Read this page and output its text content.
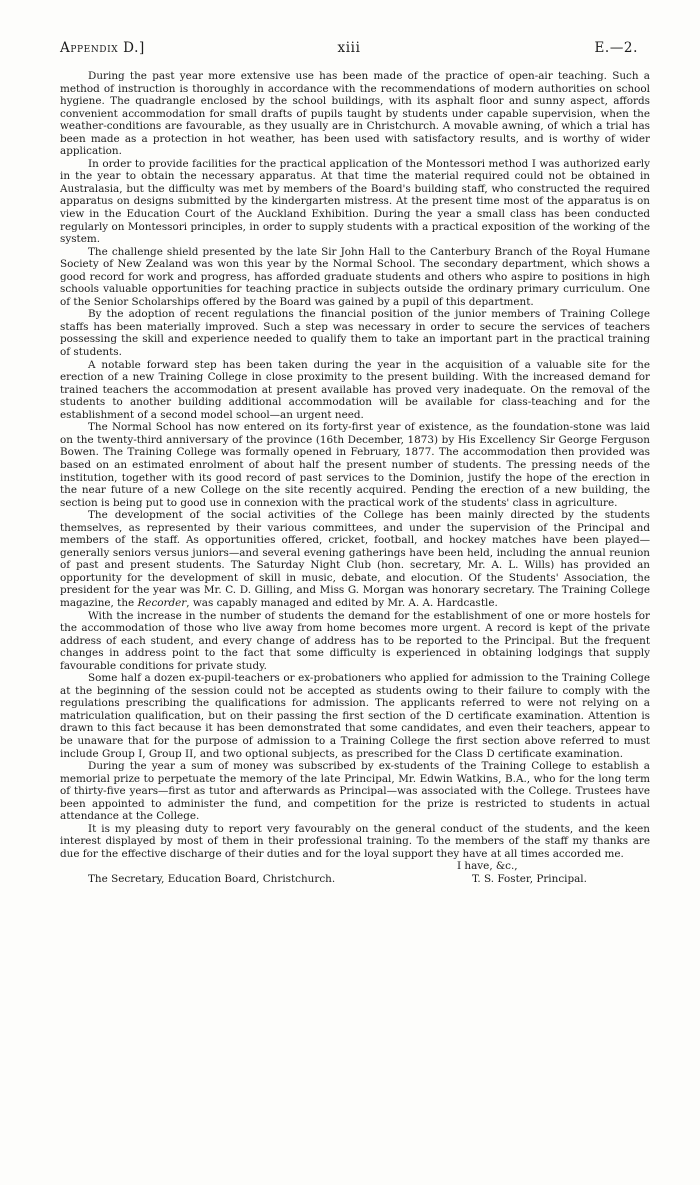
Appendix D.]	xiii	E.—2.

During the past year more extensive use has been made of the practice of open-air teaching. Such a method of instruction is thoroughly in accordance with the recommendations of modern authorities on school hygiene. The quadrangle enclosed by the school buildings, with its asphalt floor and sunny aspect, affords convenient accommodation for small drafts of pupils taught by students under capable supervision, when the weather-conditions are favourable, as they usually are in Christchurch. A movable awning, of which a trial has been made as a protection in hot weather, has been used with satisfactory results, and is worthy of wider application.

In order to provide facilities for the practical application of the Montessori method I was authorized early in the year to obtain the necessary apparatus. At that time the material required could not be obtained in Australasia, but the difficulty was met by members of the Board's building staff, who constructed the required apparatus on designs submitted by the kindergarten mistress. At the present time most of the apparatus is on view in the Education Court of the Auckland Exhibition. During the year a small class has been conducted regularly on Montessori principles, in order to supply students with a practical exposition of the working of the system.

The challenge shield presented by the late Sir John Hall to the Canterbury Branch of the Royal Humane Society of New Zealand was won this year by the Normal School. The secondary department, which shows a good record for work and progress, has afforded graduate students and others who aspire to positions in high schools valuable opportunities for teaching practice in subjects outside the ordinary primary curriculum. One of the Senior Scholarships offered by the Board was gained by a pupil of this department.

By the adoption of recent regulations the financial position of the junior members of Training College staffs has been materially improved. Such a step was necessary in order to secure the services of teachers possessing the skill and experience needed to qualify them to take an important part in the practical training of students.

A notable forward step has been taken during the year in the acquisition of a valuable site for the erection of a new Training College in close proximity to the present building. With the increased demand for trained teachers the accommodation at present available has proved very inadequate. On the removal of the students to another building additional accommodation will be available for class-teaching and for the establishment of a second model school—an urgent need.

The Normal School has now entered on its forty-first year of existence, as the foundation-stone was laid on the twenty-third anniversary of the province (16th December, 1873) by His Excellency Sir George Ferguson Bowen. The Training College was formally opened in February, 1877. The accommodation then provided was based on an estimated enrolment of about half the present number of students. The pressing needs of the institution, together with its good record of past services to the Dominion, justify the hope of the erection in the near future of a new College on the site recently acquired. Pending the erection of a new building, the section is being put to good use in connexion with the practical work of the students' class in agriculture.

The development of the social activities of the College has been mainly directed by the students themselves, as represented by their various committees, and under the supervision of the Principal and members of the staff. As opportunities offered, cricket, football, and hockey matches have been played—generally seniors versus juniors—and several evening gatherings have been held, including the annual reunion of past and present students. The Saturday Night Club (hon. secretary, Mr. A. L. Wills) has provided an opportunity for the development of skill in music, debate, and elocution. Of the Students' Association, the president for the year was Mr. C. D. Gilling, and Miss G. Morgan was honorary secretary. The Training College magazine, the Recorder, was capably managed and edited by Mr. A. A. Hardcastle.

With the increase in the number of students the demand for the establishment of one or more hostels for the accommodation of those who live away from home becomes more urgent. A record is kept of the private address of each student, and every change of address has to be reported to the Principal. But the frequent changes in address point to the fact that some difficulty is experienced in obtaining lodgings that supply favourable conditions for private study.

Some half a dozen ex-pupil-teachers or ex-probationers who applied for admission to the Training College at the beginning of the session could not be accepted as students owing to their failure to comply with the regulations prescribing the qualifications for admission. The applicants referred to were not relying on a matriculation qualification, but on their passing the first section of the D certificate examination. Attention is drawn to this fact because it has been demonstrated that some candidates, and even their teachers, appear to be unaware that for the purpose of admission to a Training College the first section above referred to must include Group I, Group II, and two optional subjects, as prescribed for the Class D certificate examination.

During the year a sum of money was subscribed by ex-students of the Training College to establish a memorial prize to perpetuate the memory of the late Principal, Mr. Edwin Watkins, B.A., who for the long term of thirty-five years—first as tutor and afterwards as Principal—was associated with the College. Trustees have been appointed to administer the fund, and competition for the prize is restricted to students in actual attendance at the College.

It is my pleasing duty to report very favourably on the general conduct of the students, and the keen interest displayed by most of them in their professional training. To the members of the staff my thanks are due for the effective discharge of their duties and for the loyal support they have at all times accorded me.

I have, &c.,
The Secretary, Education Board, Christchurch.	T. S. Foster, Principal.
